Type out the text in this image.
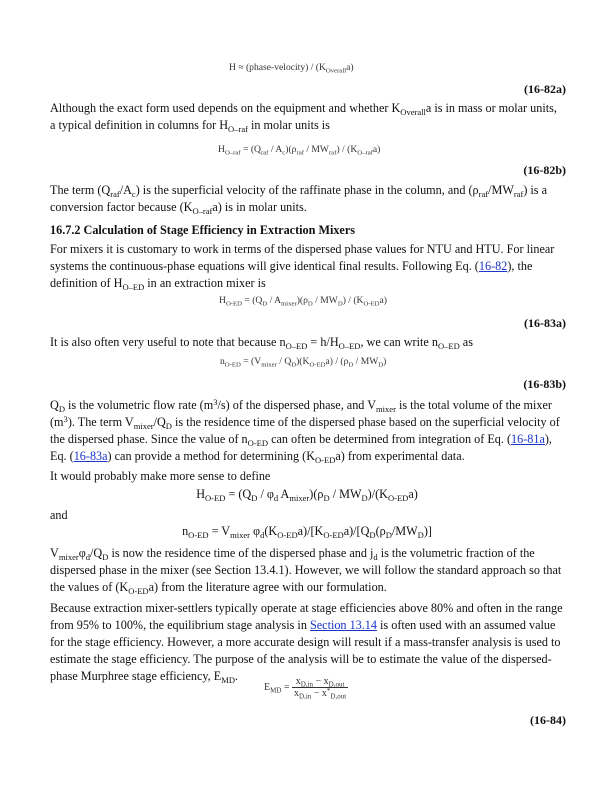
H ≈ (phase-velocity) / $(K_{Overall}a)$
(16-82a)

Although the exact form used depends on the equipment and whether $K_{Overall}a$ is in mass or molar units, a typical definition in columns for $H_{O-raf}$ in molar units is

$H_{O-raf} = (Q_{raf} / A_c)(\rho_{raf} / MW_{raf}) / (K_{O-raf}a)$
(16-82b)

The term $(Q_{raf}/A_c)$ is the superficial velocity of the raffinate phase in the column, and $(\rho_{raf}/MW_{raf})$ is a conversion factor because $(K_{O-raf}a)$ is in molar units.

16.7.2 Calculation of Stage Efficiency in Extraction Mixers

For mixers it is customary to work in terms of the dispersed phase values for NTU and HTU. For linear systems the continuous-phase equations will give identical final results. Following Eq. (16-82), the definition of $H_{O-ED}$ in an extraction mixer is

$H_{O-ED} = (Q_D / A_{mixer})(\rho_D / MW_D) / (K_{O-ED}a)$
(16-83a)

It is also often very useful to note that because $n_{O-ED} = h/H_{O-ED}$, we can write $n_{O-ED}$ as

$n_{O-ED} = (V_{mixer} / Q_D)(K_{O-ED}a) / (\rho_D / MW_D)$
(16-83b)

$Q_D$ is the volumetric flow rate $(m^3/s)$ of the dispersed phase, and $V_{mixer}$ is the total volume of the mixer $(m^3)$. The term $V_{mixer}/Q_D$ is the residence time of the dispersed phase based on the superficial velocity of the dispersed phase. Since the value of $n_{O-ED}$ can often be determined from integration of Eq. (16-81a), Eq. (16-83a) can provide a method for determining $(K_{O-ED}a)$ from experimental data.

It would probably make more sense to define

$H_{O-ED} = (Q_D / \varphi_d$ $A_{mixer})(\rho_D / MW_D)/(K_{O-ED}a)$

and

$n_{O-ED} = V_{mixer}$ $\varphi_d(K_{O-ED}a)/[K_{O-ED}a)/[Q_D(\rho_D/MW_D)]$

$V_{mixer}\varphi_d/Q_D$ is now the residence time of the dispersed phase and $j_d$ is the volumetric fraction of the dispersed phase in the mixer (see Section 13.4.1). However, we will follow the standard approach so that the values of $(K_{O-ED}a)$ from the literature agree with our formulation.

Because extraction mixer-settlers typically operate at stage efficiencies above 80% and often in the range from 95% to 100%, the equilibrium stage analysis in Section 13.14 is often used with an assumed value for the stage efficiency. However, a more accurate design will result if a mass-transfer analysis is used to estimate the stage efficiency. The purpose of the analysis will be to estimate the value of the dispersed-phase Murphree stage efficiency, $E_{MD}$.

$E_{MD} = \frac{x_{D,in} - x_{D,out}}{x_{D,in} - x^*_{D,out}}$
(16-84)
